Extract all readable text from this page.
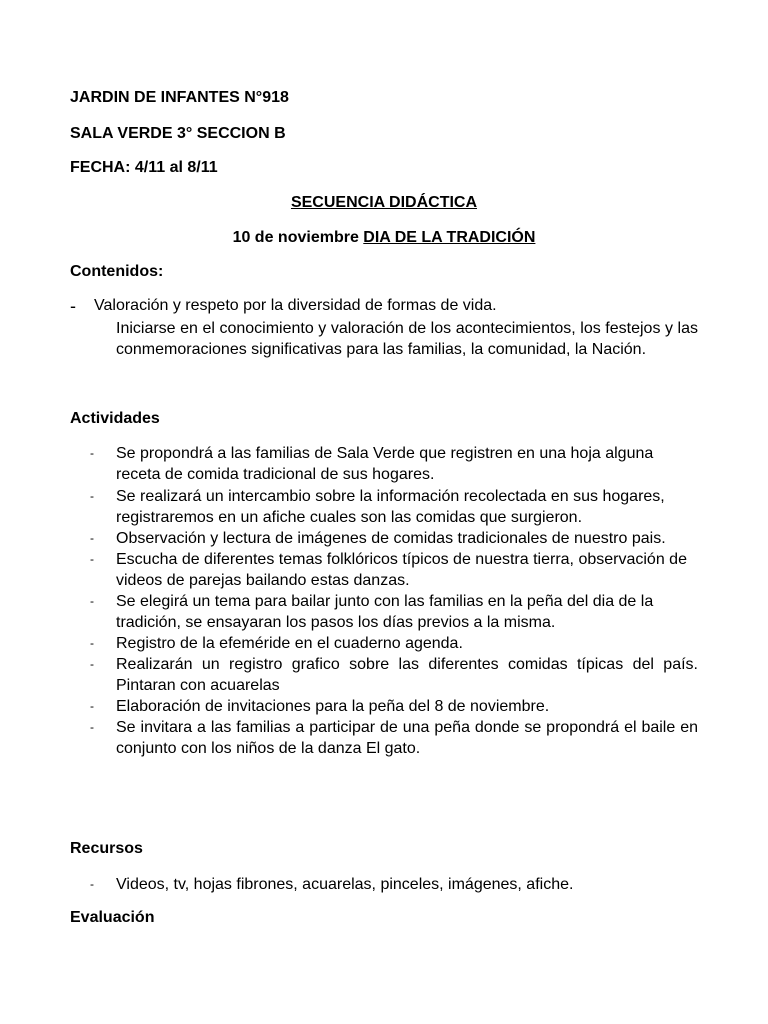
JARDIN DE INFANTES N°918
SALA VERDE 3° SECCION B
FECHA: 4/11 al 8/11
SECUENCIA DIDÁCTICA
10 de noviembre DIA DE LA TRADICIÓN
Contenidos:
- Valoración y respeto por la diversidad de formas de vida.
Iniciarse en el conocimiento y valoración de los acontecimientos, los festejos y las conmemoraciones significativas para las familias, la comunidad, la Nación.
Actividades
- Se propondrá a las familias de Sala Verde que registren en una hoja alguna receta de comida tradicional de sus hogares.
- Se realizará un intercambio sobre la información recolectada en sus hogares, registraremos en un afiche cuales son las comidas que surgieron.
- Observación y lectura de imágenes de comidas tradicionales de nuestro pais.
- Escucha de diferentes temas folklóricos típicos de nuestra tierra, observación de videos de parejas bailando estas danzas.
- Se elegirá un tema para bailar junto con las familias en la peña del dia de la tradición, se ensayaran los pasos los días previos a la misma.
- Registro de la efeméride en el cuaderno agenda.
- Realizarán un registro grafico sobre las diferentes comidas típicas del país. Pintaran con acuarelas
- Elaboración de invitaciones para la peña del 8 de noviembre.
- Se invitara a las familias a participar de una peña donde se propondrá el baile en conjunto con los niños de la danza El gato.
Recursos
- Videos, tv, hojas fibrones, acuarelas, pinceles, imágenes, afiche.
Evaluación
